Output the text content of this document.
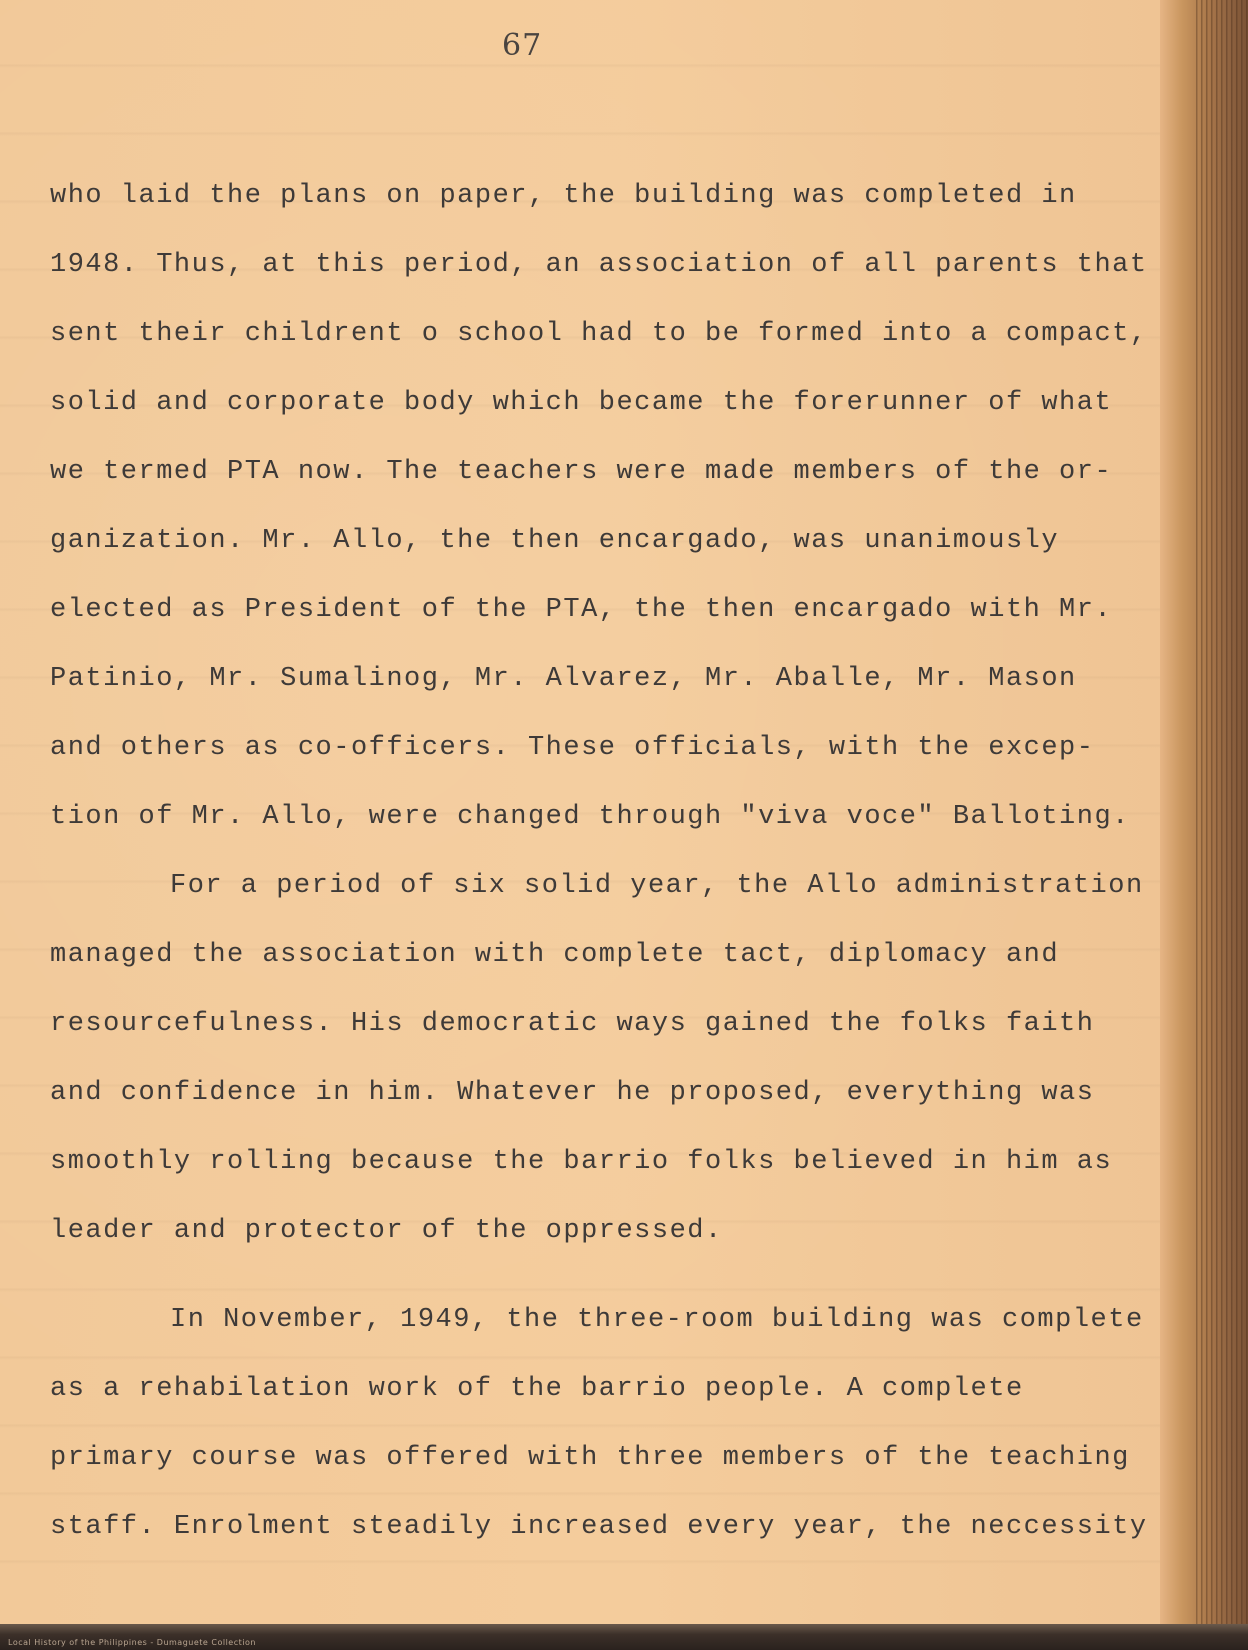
67
who laid the plans on paper, the building was completed in
1948. Thus, at this period, an association of all parents that
sent their childrent o school had to be formed into a compact,
solid and corporate body which became the forerunner of what
we termed PTA now. The teachers were made members of the or-
ganization. Mr. Allo, the then encargado, was unanimously
elected as President of the PTA, the then encargado with Mr.
Patinio, Mr. Sumalinog, Mr. Alvarez, Mr. Aballe, Mr. Mason
and others as co-officers. These officials, with the excep-
tion of Mr. Allo, were changed through "viva voce" Balloting.
For a period of six solid year, the Allo administration
managed the association with complete tact, diplomacy and
resourcefulness. His democratic ways gained the folks faith
and confidence in him. Whatever he proposed, everything was
smoothly rolling because the barrio folks believed in him as
leader and protector of the oppressed.
In November, 1949, the three-room building was complete
as a rehabilation work of the barrio people. A complete
primary course was offered with three members of the teaching
staff. Enrolment steadily increased every year, the neccessity
Local History of the Philippines - Dumaguete Collection
